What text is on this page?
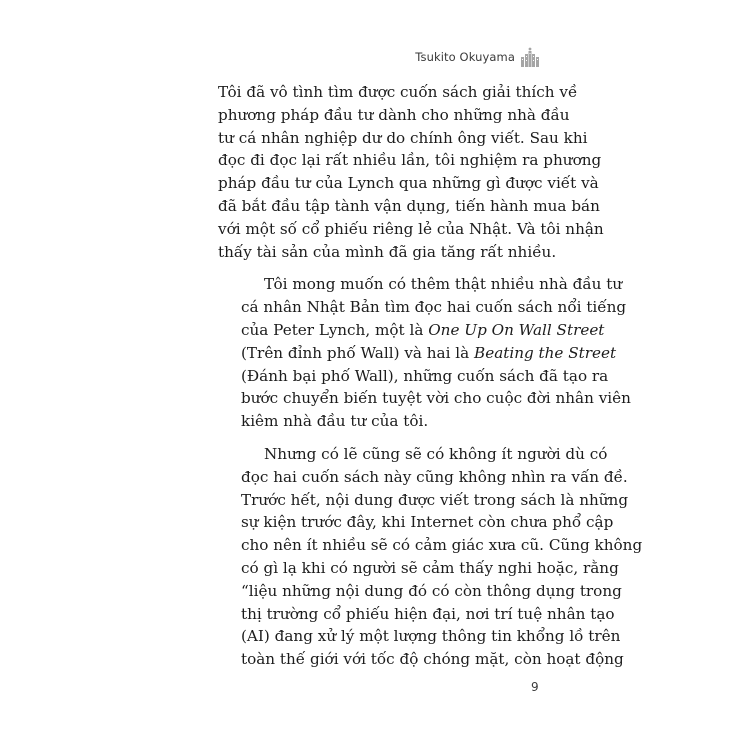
Tsukito Okuyama

Tôi đã vô tình tìm được cuốn sách giải thích về
phương pháp đầu tư dành cho những nhà đầu
tư cá nhân nghiệp dư do chính ông viết. Sau khi
đọc đi đọc lại rất nhiều lần, tôi nghiệm ra phương
pháp đầu tư của Lynch qua những gì được viết và
đã bắt đầu tập tành vận dụng, tiến hành mua bán
với một số cổ phiếu riêng lẻ của Nhật. Và tôi nhận
thấy tài sản của mình đã gia tăng rất nhiều.

Tôi mong muốn có thêm thật nhiều nhà đầu tư
cá nhân Nhật Bản tìm đọc hai cuốn sách nổi tiếng
của Peter Lynch, một là One Up On Wall Street
(Trên đỉnh phố Wall) và hai là Beating the Street
(Đánh bại phố Wall), những cuốn sách đã tạo ra
bước chuyển biến tuyệt vời cho cuộc đời nhân viên
kiêm nhà đầu tư của tôi.

Nhưng có lẽ cũng sẽ có không ít người dù có
đọc hai cuốn sách này cũng không nhìn ra vấn đề.
Trước hết, nội dung được viết trong sách là những
sự kiện trước đây, khi Internet còn chưa phổ cập
cho nên ít nhiều sẽ có cảm giác xưa cũ. Cũng không
có gì lạ khi có người sẽ cảm thấy nghi hoặc, rằng
“liệu những nội dung đó có còn thông dụng trong
thị trường cổ phiếu hiện đại, nơi trí tuệ nhân tạo
(AI) đang xử lý một lượng thông tin khổng lồ trên
toàn thế giới với tốc độ chóng mặt, còn hoạt động

9
